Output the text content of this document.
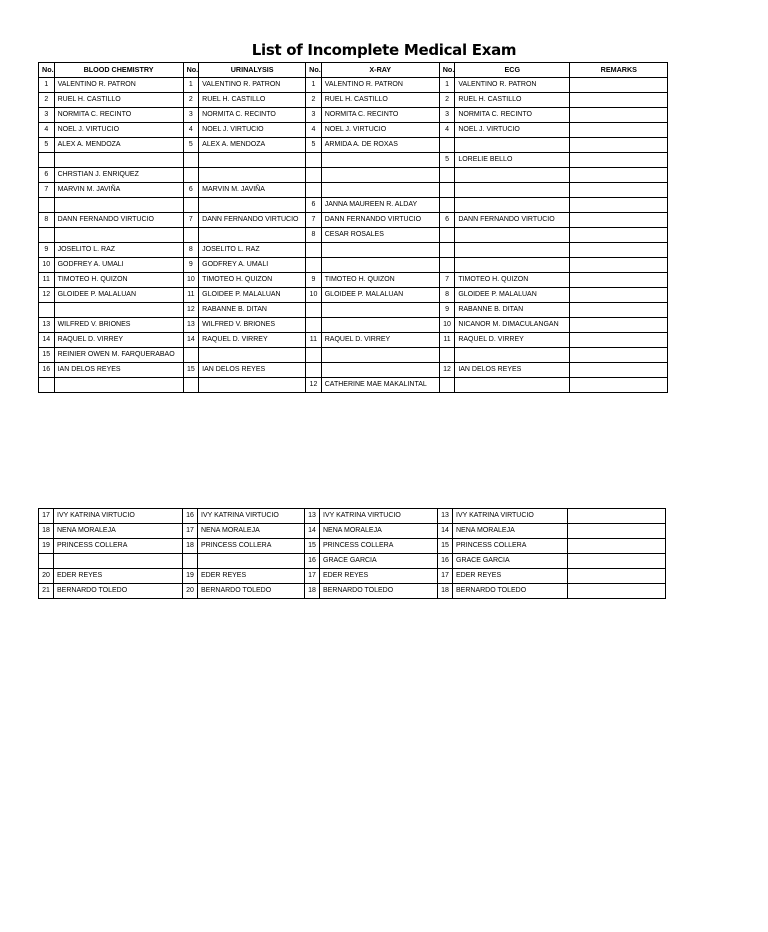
List of Incomplete Medical Exam
No.	BLOOD CHEMISTRY	No.	URINALYSIS	No.	X-RAY	No.	ECG	REMARKS
1	VALENTINO R. PATRON	1	VALENTINO R. PATRON	1	VALENTINO R. PATRON	1	VALENTINO R. PATRON	
2	RUEL H. CASTILLO	2	RUEL H. CASTILLO	2	RUEL H. CASTILLO	2	RUEL H. CASTILLO	
3	NORMITA C. RECINTO	3	NORMITA C. RECINTO	3	NORMITA C. RECINTO	3	NORMITA C. RECINTO	
4	NOEL J. VIRTUCIO	4	NOEL J. VIRTUCIO	4	NOEL J. VIRTUCIO	4	NOEL J. VIRTUCIO	
5	ALEX A. MENDOZA	5	ALEX A. MENDOZA	5	ARMIDA A. DE ROXAS			
						5	LORELIE BELLO	
6	CHRSTIAN J. ENRIQUEZ							
7	MARVIN M. JAVIÑA	6	MARVIN M. JAVIÑA					
				6	JANNA MAUREEN R. ALDAY			
8	DANN FERNANDO VIRTUCIO	7	DANN FERNANDO VIRTUCIO	7	DANN FERNANDO VIRTUCIO	6	DANN FERNANDO VIRTUCIO	
				8	CESAR ROSALES			
9	JOSELITO L. RAZ	8	JOSELITO L. RAZ					
10	GODFREY A. UMALI	9	GODFREY A. UMALI					
11	TIMOTEO H. QUIZON	10	TIMOTEO H. QUIZON	9	TIMOTEO H. QUIZON	7	TIMOTEO H. QUIZON	
12	GLOIDEE P. MALALUAN	11	GLOIDEE P. MALALUAN	10	GLOIDEE P. MALALUAN	8	GLOIDEE P. MALALUAN	
		12	RABANNE B. DITAN			9	RABANNE B. DITAN	
13	WILFRED V. BRIONES	13	WILFRED V. BRIONES			10	NICANOR M. DIMACULANGAN	
14	RAQUEL D. VIRREY	14	RAQUEL D. VIRREY	11	RAQUEL D. VIRREY	11	RAQUEL D. VIRREY	
15	REINIER OWEN M. FARQUERABAO							
16	IAN DELOS REYES	15	IAN DELOS REYES			12	IAN DELOS REYES	
				12	CATHERINE MAE MAKALINTAL			
17	IVY KATRINA VIRTUCIO	16	IVY KATRINA VIRTUCIO	13	IVY KATRINA VIRTUCIO	13	IVY KATRINA VIRTUCIO	
18	NENA MORALEJA	17	NENA MORALEJA	14	NENA MORALEJA	14	NENA MORALEJA	
19	PRINCESS COLLERA	18	PRINCESS COLLERA	15	PRINCESS COLLERA	15	PRINCESS COLLERA	
				16	GRACE GARCIA	16	GRACE GARCIA	
20	EDER REYES	19	EDER REYES	17	EDER REYES	17	EDER REYES	
21	BERNARDO TOLEDO	20	BERNARDO TOLEDO	18	BERNARDO TOLEDO	18	BERNARDO TOLEDO	
